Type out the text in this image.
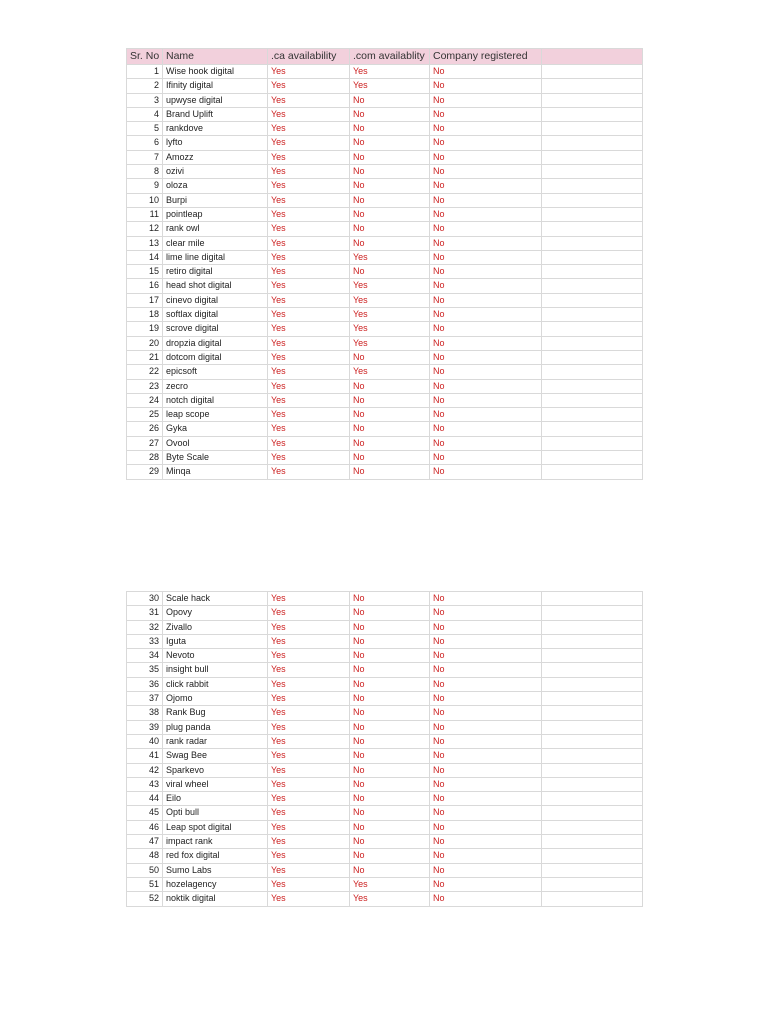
Sr. No	Name	.ca availability	.com availablity	Company registered	
1	Wise hook digital	Yes	Yes	No	
2	Ifinity digital	Yes	Yes	No	
3	upwyse digital	Yes	No	No	
4	Brand Uplift	Yes	No	No	
5	rankdove	Yes	No	No	
6	lyfto	Yes	No	No	
7	Amozz	Yes	No	No	
8	ozivi	Yes	No	No	
9	oloza	Yes	No	No	
10	Burpi	Yes	No	No	
11	pointleap	Yes	No	No	
12	rank owl	Yes	No	No	
13	clear mile	Yes	No	No	
14	lime line digital	Yes	Yes	No	
15	retiro digital	Yes	No	No	
16	head shot digital	Yes	Yes	No	
17	cinevo digital	Yes	Yes	No	
18	softlax digital	Yes	Yes	No	
19	scrove digital	Yes	Yes	No	
20	dropzia digital	Yes	Yes	No	
21	dotcom digital	Yes	No	No	
22	epicsoft	Yes	Yes	No	
23	zecro	Yes	No	No	
24	notch digital	Yes	No	No	
25	leap scope	Yes	No	No	
26	Gyka	Yes	No	No	
27	Ovool	Yes	No	No	
28	Byte Scale	Yes	No	No	
29	Minqa	Yes	No	No	
30	Scale hack	Yes	No	No	
31	Opovy	Yes	No	No	
32	Zivallo	Yes	No	No	
33	Iguta	Yes	No	No	
34	Nevoto	Yes	No	No	
35	insight bull	Yes	No	No	
36	click rabbit	Yes	No	No	
37	Ojomo	Yes	No	No	
38	Rank Bug	Yes	No	No	
39	plug panda	Yes	No	No	
40	rank radar	Yes	No	No	
41	Swag Bee	Yes	No	No	
42	Sparkevo	Yes	No	No	
43	viral wheel	Yes	No	No	
44	Eilo	Yes	No	No	
45	Opti bull	Yes	No	No	
46	Leap spot digital	Yes	No	No	
47	impact rank	Yes	No	No	
48	red fox digital	Yes	No	No	
50	Sumo Labs	Yes	No	No	
51	hozelagency	Yes	Yes	No	
52	noktik digital	Yes	Yes	No	
